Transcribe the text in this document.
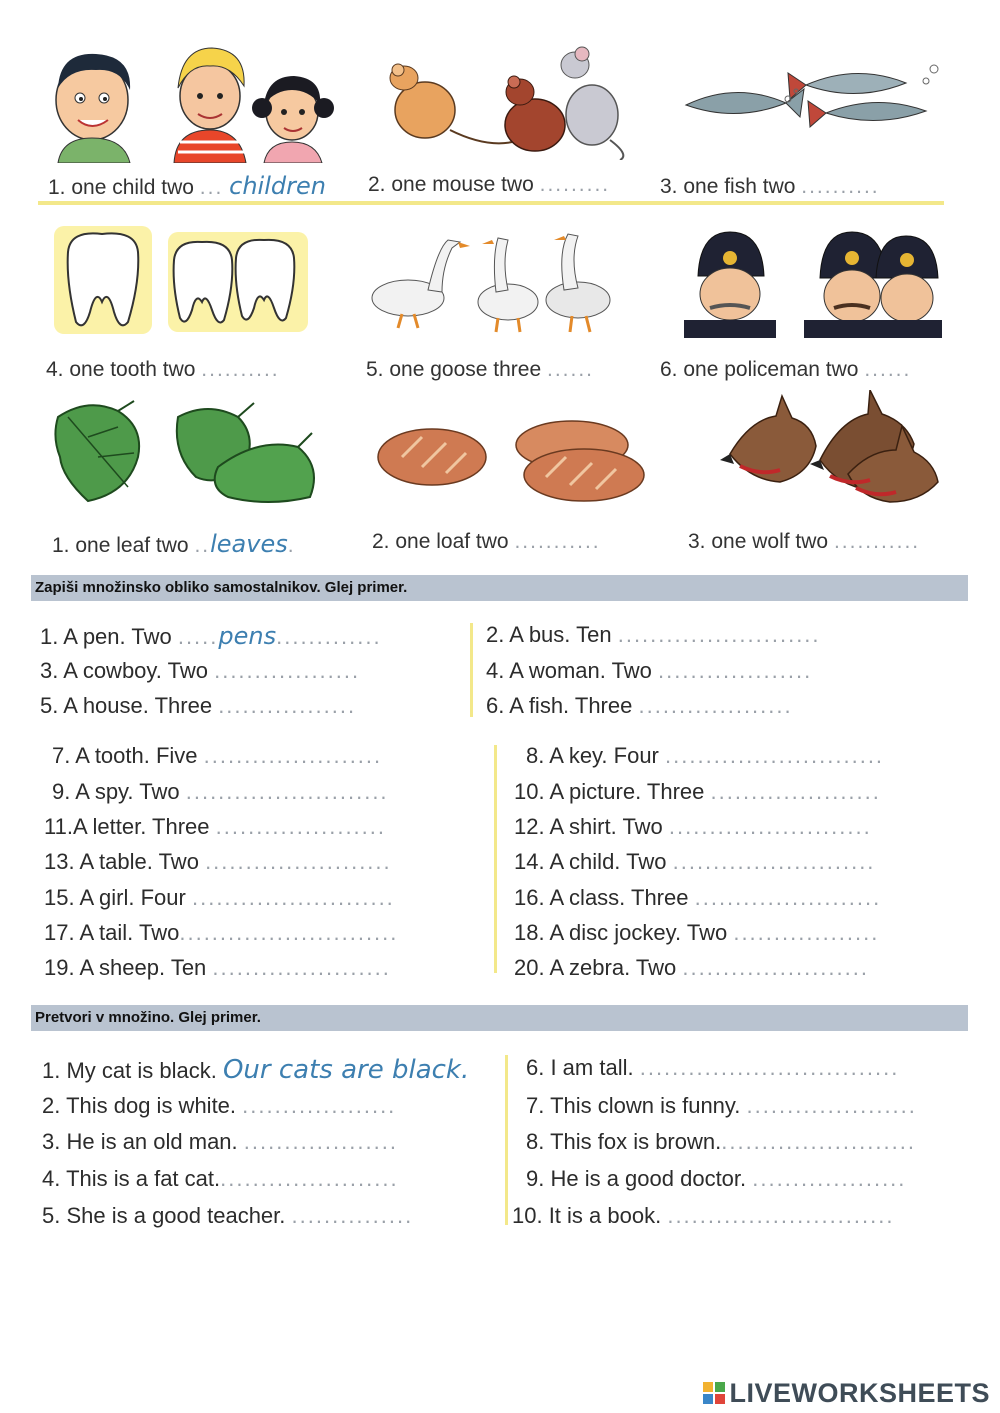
1. one child two ... children 2. one mouse two ......... 3. one fish two ..........
4. one tooth two ..........	5. one goose three ......	6. one policeman two ......
1. one leaf two ..leaves.	2. one loaf two ...........	3. one wolf two ...........
Zapiši množinsko obliko samostalnikov. Glej primer.
1. A pen. Two .....pens.............
3. A cowboy. Two ..................
5. A house. Three .................
2. A bus. Ten .........................
4. A woman. Two ...................
6. A fish. Three ...................
7. A tooth. Five ......................
9. A spy. Two .........................
11.A letter. Three .....................
13. A table. Two .......................
15. A girl. Four .........................
17. A tail. Two...........................
19. A sheep. Ten ......................
8. A key. Four ...........................
10. A picture. Three .....................
12. A shirt. Two .........................
14. A child. Two .........................
16. A class. Three .......................
18. A disc jockey. Two ..................
20. A zebra. Two .......................
Pretvori v množino. Glej primer.
1. My cat is black. Our cats are black.
2. This dog is white. ...................
3. He is an old man. ...................
4. This is a fat cat.......................
5. She is a good teacher. ...............
6. I am tall. ................................
7. This clown is funny. .....................
8. This fox is brown.........................
9. He is a good doctor. ...................
10. It is a book. ............................
LIVEWORKSHEETS
